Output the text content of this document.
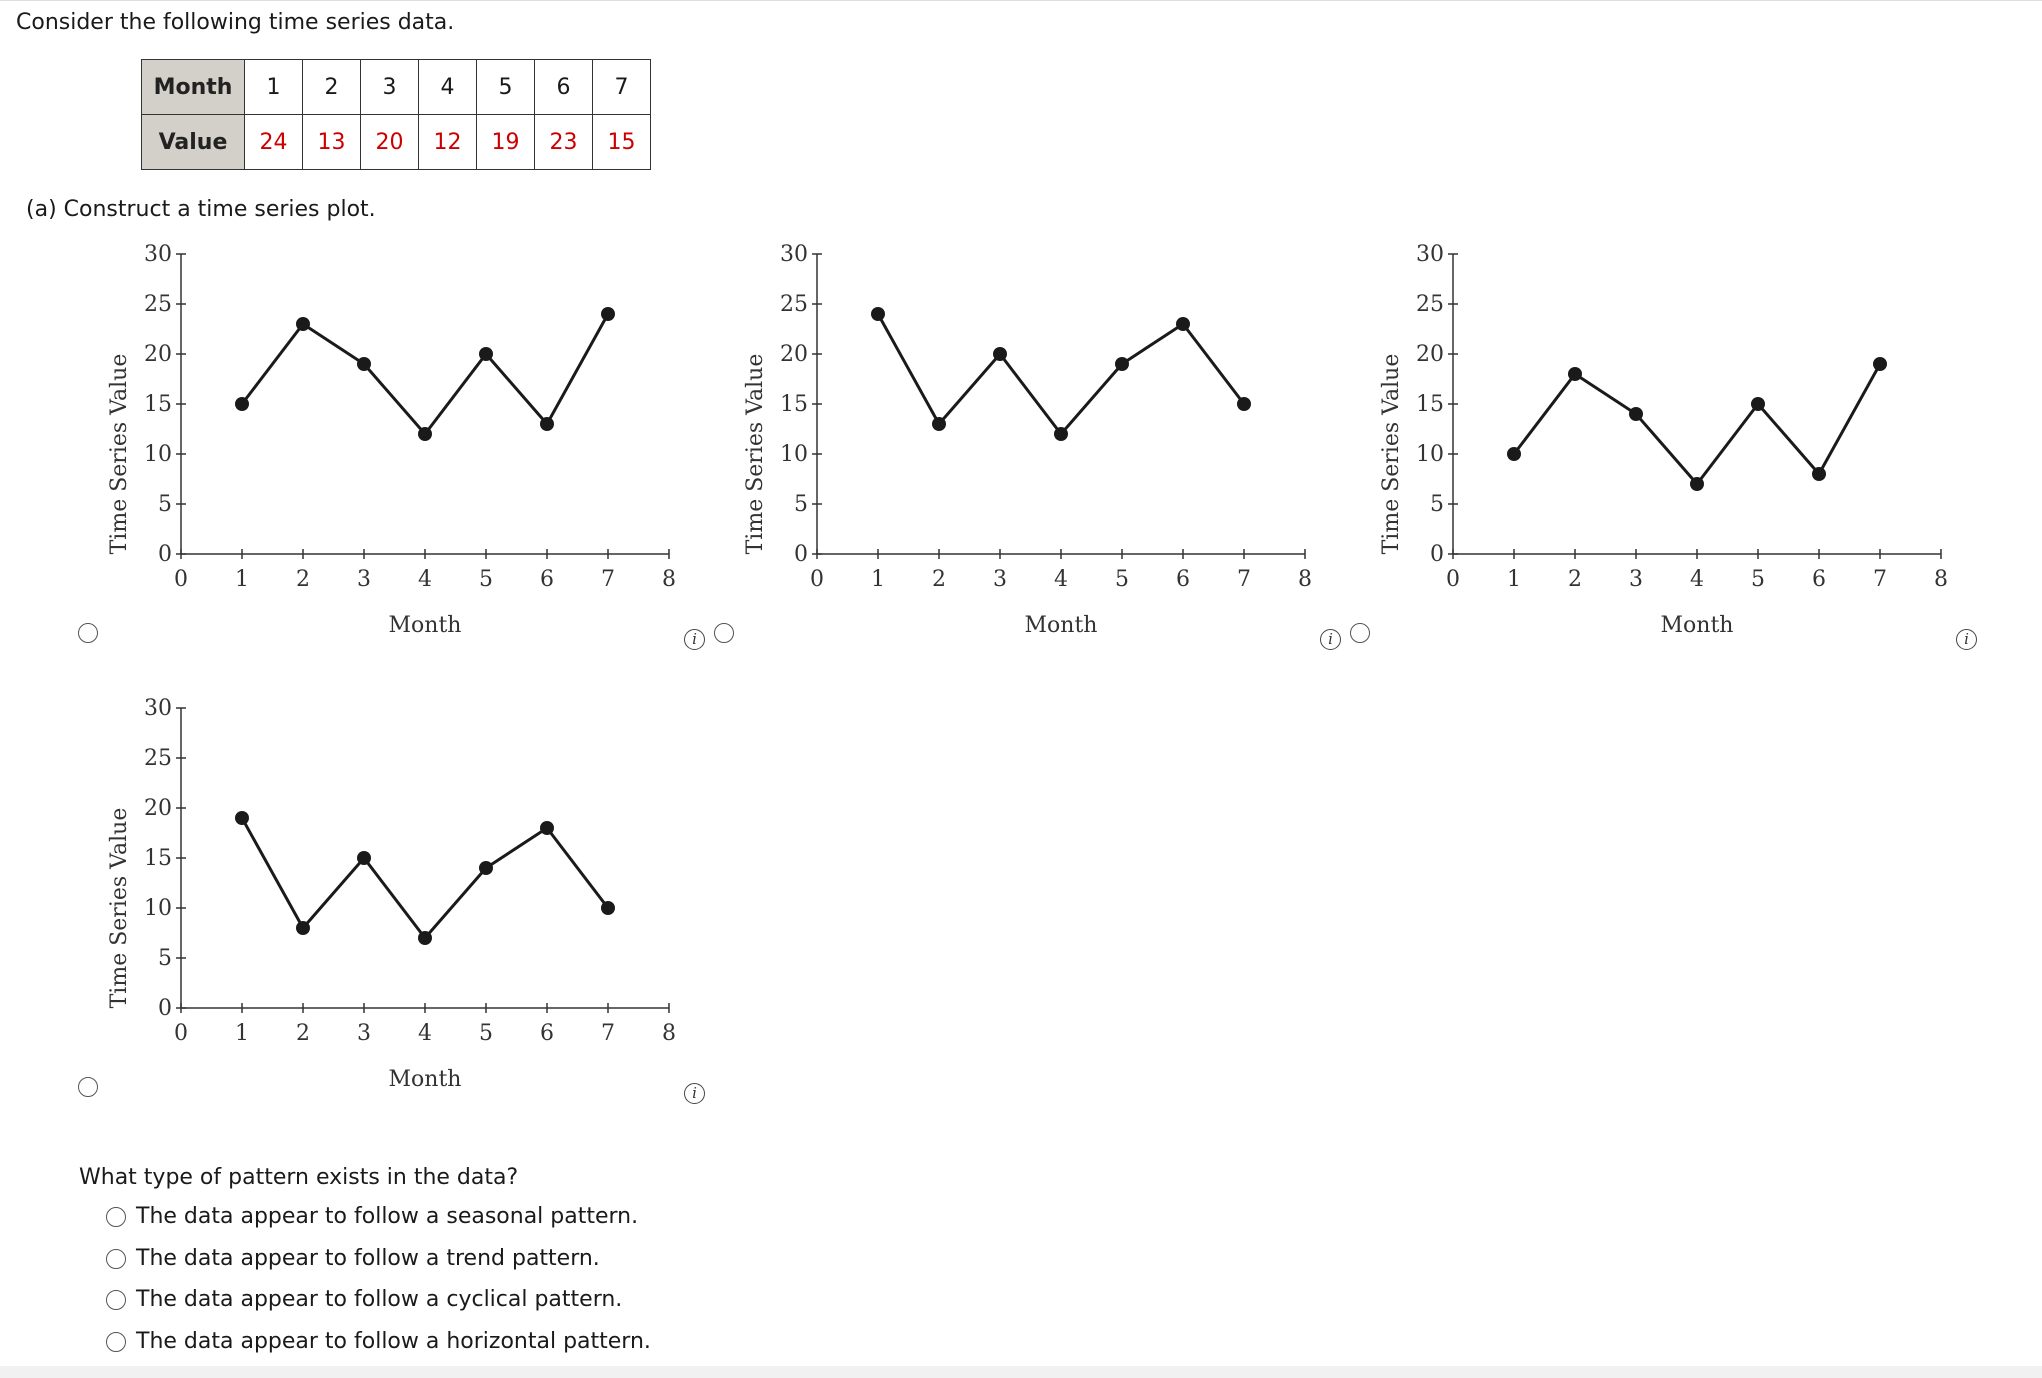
Consider the following time series data.
Month	1	2	3	4	5	6	7
Value	24	13	20	12	19	23	15
(a) Construct a time series plot.
0
5
10
15
20
25
30
0 1 2 3 4 5 6 7 8
Month
Time Series Value
i
0
5
10
15
20
25
30
0 1 2 3 4 5 6 7 8
Month
Time Series Value
i
0
5
10
15
20
25
30
0 1 2 3 4 5 6 7 8
Month
Time Series Value
i
0
5
10
15
20
25
30
0 1 2 3 4 5 6 7 8
Month
Time Series Value
i
What type of pattern exists in the data?
The data appear to follow a seasonal pattern.
The data appear to follow a trend pattern.
The data appear to follow a cyclical pattern.
The data appear to follow a horizontal pattern.
